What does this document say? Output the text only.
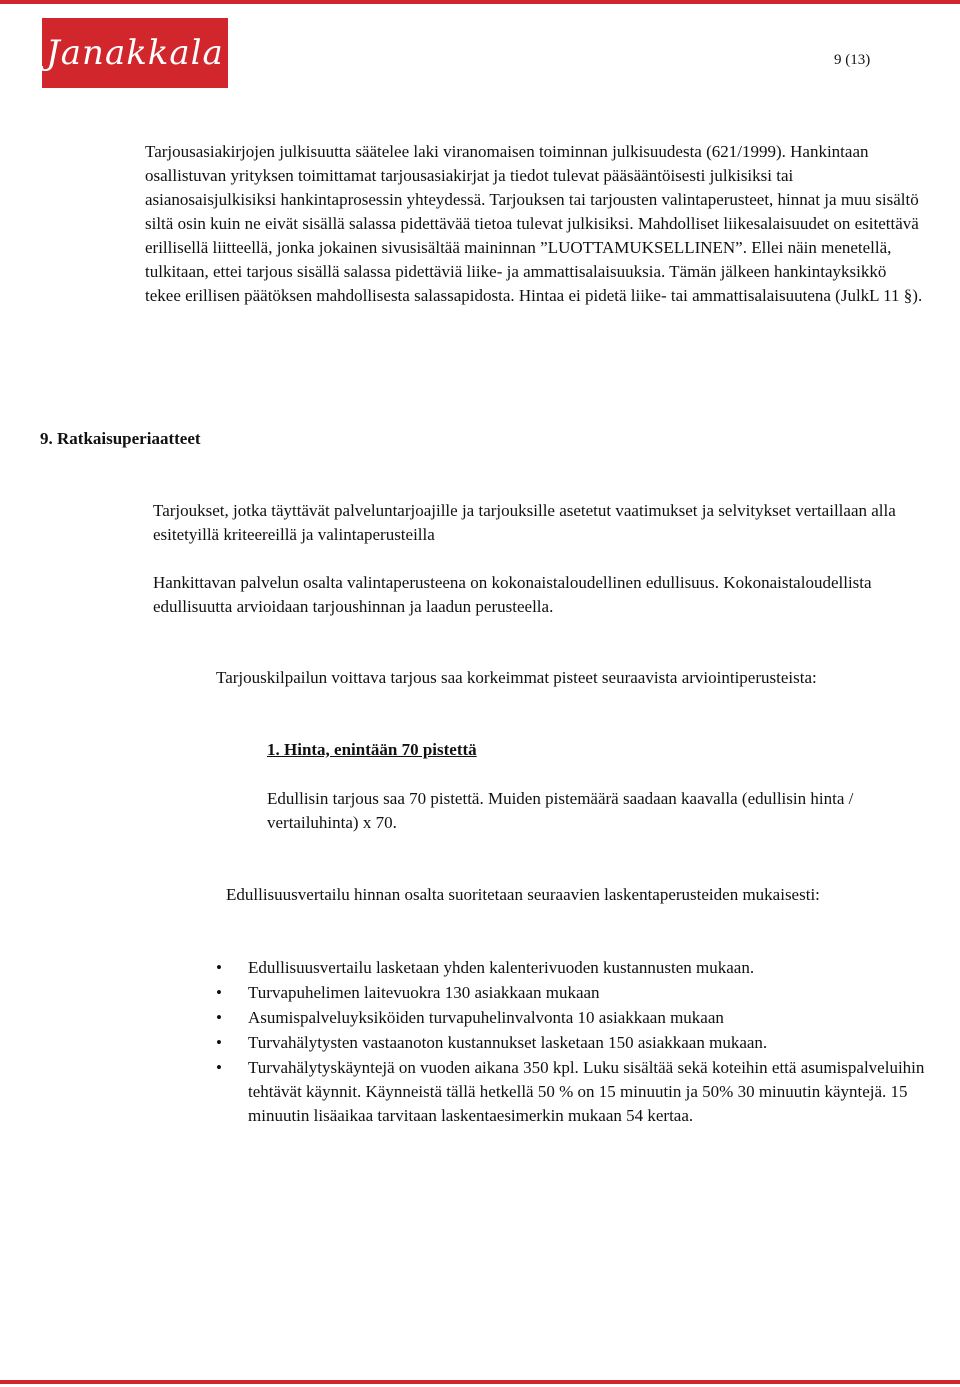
Janakkala	9 (13)

Tarjousasiakirjojen julkisuutta säätelee laki viranomaisen toiminnan julkisuudesta (621/1999). Hankintaan osallistuvan yrityksen toimittamat tarjousasiakirjat ja tiedot tulevat pääsääntöisesti julkisiksi tai asianosaisjulkisiksi hankintaprosessin yhteydessä. Tarjouksen tai tarjousten valintaperusteet, hinnat ja muu sisältö siltä osin kuin ne eivät sisällä salassa pidettävää tietoa tulevat julkisiksi. Mahdolliset liikesalaisuudet on esitettävä erillisellä liitteellä, jonka jokainen sivusisältää maininnan ”LUOTTAMUKSELLINEN”. Ellei näin menetellä, tulkitaan, ettei tarjous sisällä salassa pidettäviä liike- ja ammattisalaisuuksia. Tämän jälkeen hankintayksikkö tekee erillisen päätöksen mahdollisesta salassapidosta. Hintaa ei pidetä liike- tai ammattisalaisuutena (JulkL 11 §).

9. Ratkaisuperiaatteet

Tarjoukset, jotka täyttävät palveluntarjoajille ja tarjouksille asetetut vaatimukset ja selvitykset vertaillaan alla esitetyillä kriteereillä ja valintaperusteilla

Hankittavan palvelun osalta valintaperusteena on kokonaistaloudellinen edullisuus. Kokonaistaloudellista edullisuutta arvioidaan tarjoushinnan ja laadun perusteella.

Tarjouskilpailun voittava tarjous saa korkeimmat pisteet seuraavista arviointiperusteista:

1. Hinta, enintään 70 pistettä

Edullisin tarjous saa 70 pistettä. Muiden pistemäärä saadaan kaavalla (edullisin hinta / vertailuhinta) x 70.

Edullisuusvertailu hinnan osalta suoritetaan seuraavien laskentaperusteiden mukaisesti:

• Edullisuusvertailu lasketaan yhden kalenterivuoden kustannusten mukaan.
• Turvapuhelimen laitevuokra 130 asiakkaan mukaan
• Asumispalveluyksiköiden turvapuhelinvalvonta 10 asiakkaan mukaan
• Turvahälytysten vastaanoton kustannukset lasketaan 150 asiakkaan mukaan.
• Turvahälytyskäyntejä on vuoden aikana 350 kpl. Luku sisältää sekä koteihin että asumispalveluihin tehtävät käynnit. Käynneistä tällä hetkellä 50 % on 15 minuutin ja 50% 30 minuutin käyntejä. 15 minuutin lisäaikaa tarvitaan laskentaesimerkin mukaan 54 kertaa.
